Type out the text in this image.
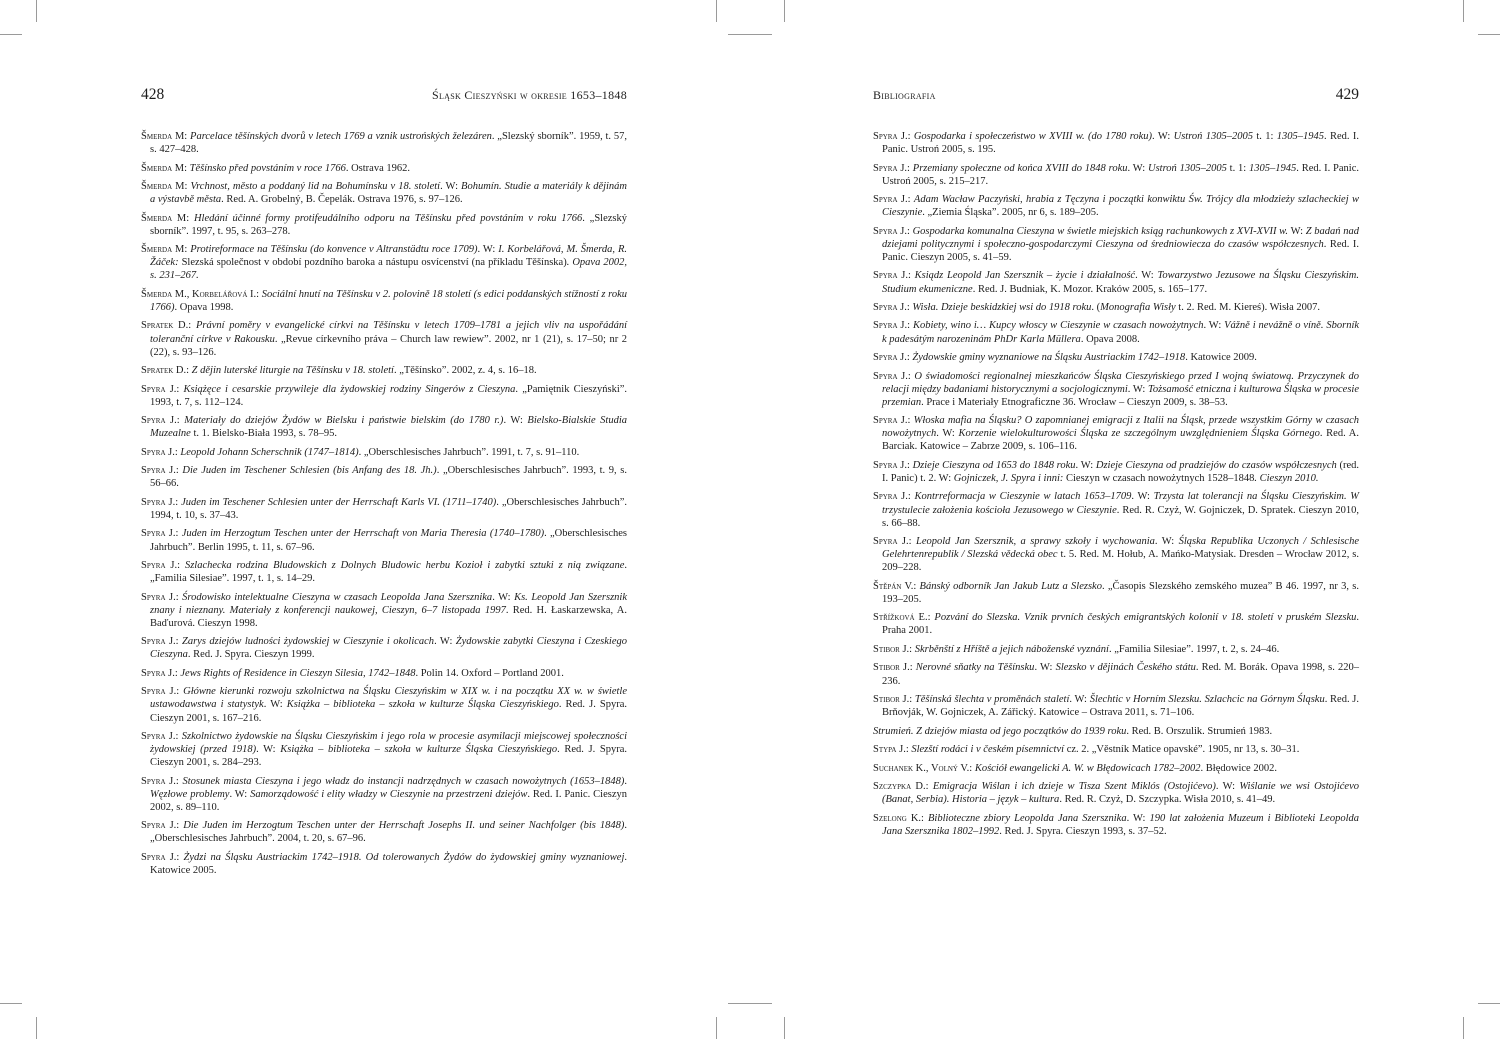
428	Śląsk Cieszyński w okresie 1653–1848

Šmerda M: Parcelace těšínských dvorů v letech 1769 a vznik ustrońských železáren. „Slezský sborník”. 1959, t. 57, s. 427–428.

Šmerda M: Těšínsko před povstáním v roce 1766. Ostrava 1962.

Šmerda M: Vrchnost, město a poddaný lid na Bohumínsku v 18. století. W: Bohumín. Studie a materiály k dějinám a výstavbě města. Red. A. Grobelný, B. Čepelák. Ostrava 1976, s. 97–126.

Šmerda M: Hledání účinné formy protifeudálního odporu na Těšínsku před povstáním v roku 1766. „Slezský sborník”. 1997, t. 95, s. 263–278.

Šmerda M: Protireformace na Těšínsku (do konvence v Altranstädtu roce 1709). W: I. Korbelářová, M. Šmerda, R. Žáček: Slezská společnost v období pozdního baroka a nástupu osvícenství (na příkladu Těšínska). Opava 2002, s. 231–267.

Šmerda M., Korbelářová I.: Sociální hnutí na Těšínsku v 2. polovině 18 století (s edici poddanských stížností z roku 1766). Opava 1998.

Spratek D.: Právní poměry v evangelické církvi na Těšínsku v letech 1709–1781 a jejich vliv na uspořádání toleranční církve v Rakousku. „Revue církevního práva – Church law rewiew”. 2002, nr 1 (21), s. 17–50; nr 2 (22), s. 93–126.

Spratek D.: Z dějin luterské liturgie na Těšínsku v 18. století. „Těšínsko”. 2002, z. 4, s. 16–18.

Spyra J.: Książęce i cesarskie przywileje dla żydowskiej rodziny Singerów z Cieszyna. „Pamiętnik Cieszyński”. 1993, t. 7, s. 112–124.

Spyra J.: Materiały do dziejów Żydów w Bielsku i państwie bielskim (do 1780 r.). W: Bielsko-Bialskie Studia Muzealne t. 1. Bielsko-Biała 1993, s. 78–95.

Spyra J.: Leopold Johann Scherschnik (1747–1814). „Oberschlesisches Jahrbuch”. 1991, t. 7, s. 91–110.

Spyra J.: Die Juden im Teschener Schlesien (bis Anfang des 18. Jh.). „Oberschlesisches Jahrbuch”. 1993, t. 9, s. 56–66.

Spyra J.: Juden im Teschener Schlesien unter der Herrschaft Karls VI. (1711–1740). „Oberschlesisches Jahrbuch”. 1994, t. 10, s. 37–43.

Spyra J.: Juden im Herzogtum Teschen unter der Herrschaft von Maria Theresia (1740–1780). „Oberschlesisches Jahrbuch”. Berlin 1995, t. 11, s. 67–96.

Spyra J.: Szlachecka rodzina Bludowskich z Dolnych Bludowic herbu Kozioł i zabytki sztuki z nią związane. „Familia Silesiae”. 1997, t. 1, s. 14–29.

Spyra J.: Środowisko intelektualne Cieszyna w czasach Leopolda Jana Szersznika. W: Ks. Leopold Jan Szersznik znany i nieznany. Materiały z konferencji naukowej, Cieszyn, 6–7 listopada 1997. Red. H. Łaskarzewska, A. Baďurová. Cieszyn 1998.

Spyra J.: Zarys dziejów ludności żydowskiej w Cieszynie i okolicach. W: Żydowskie zabytki Cieszyna i Czeskiego Cieszyna. Red. J. Spyra. Cieszyn 1999.

Spyra J.: Jews Rights of Residence in Cieszyn Silesia, 1742–1848. Polin 14. Oxford – Portland 2001.

Spyra J.: Główne kierunki rozwoju szkolnictwa na Śląsku Cieszyńskim w XIX w. i na początku XX w. w świetle ustawodawstwa i statystyk. W: Książka – biblioteka – szkoła w kulturze Śląska Cieszyńskiego. Red. J. Spyra. Cieszyn 2001, s. 167–216.

Spyra J.: Szkolnictwo żydowskie na Śląsku Cieszyńskim i jego rola w procesie asymilacji miejscowej społeczności żydowskiej (przed 1918). W: Książka – biblioteka – szkoła w kulturze Śląska Cieszyńskiego. Red. J. Spyra. Cieszyn 2001, s. 284–293.

Spyra J.: Stosunek miasta Cieszyna i jego władz do instancji nadrzędnych w czasach nowożytnych (1653–1848). Węzłowe problemy. W: Samorządowość i elity władzy w Cieszynie na przestrzeni dziejów. Red. I. Panic. Cieszyn 2002, s. 89–110.

Spyra J.: Die Juden im Herzogtum Teschen unter der Herrschaft Josephs II. und seiner Nachfolger (bis 1848). „Oberschlesisches Jahrbuch”. 2004, t. 20, s. 67–96.

Spyra J.: Żydzi na Śląsku Austriackim 1742–1918. Od tolerowanych Żydów do żydowskiej gminy wyznaniowej. Katowice 2005.

Bibliografia	429

Spyra J.: Gospodarka i społeczeństwo w XVIII w. (do 1780 roku). W: Ustroń 1305–2005 t. 1: 1305–1945. Red. I. Panic. Ustroń 2005, s. 195.

Spyra J.: Przemiany społeczne od końca XVIII do 1848 roku. W: Ustroń 1305–2005 t. 1: 1305–1945. Red. I. Panic. Ustroń 2005, s. 215–217.

Spyra J.: Adam Wacław Paczyński, hrabia z Tęczyna i początki konwiktu Św. Trójcy dla młodzieży szlacheckiej w Cieszynie. „Ziemia Śląska”. 2005, nr 6, s. 189–205.

Spyra J.: Gospodarka komunalna Cieszyna w świetle miejskich ksiąg rachunkowych z XVI-XVII w. W: Z badań nad dziejami politycznymi i społeczno-gospodarczymi Cieszyna od średniowiecza do czasów współczesnych. Red. I. Panic. Cieszyn 2005, s. 41–59.

Spyra J.: Ksiądz Leopold Jan Szersznik – życie i działalność. W: Towarzystwo Jezusowe na Śląsku Cieszyńskim. Studium ekumeniczne. Red. J. Budniak, K. Mozor. Kraków 2005, s. 165–177.

Spyra J.: Wisła. Dzieje beskidzkiej wsi do 1918 roku. (Monografia Wisły t. 2. Red. M. Kiereś). Wisła 2007.

Spyra J.: Kobiety, wino i… Kupcy włoscy w Cieszynie w czasach nowożytnych. W: Vážně i nevážně o víně. Sborník k padesátým narozeninám PhDr Karla Müllera. Opava 2008.

Spyra J.: Żydowskie gminy wyznaniowe na Śląsku Austriackim 1742–1918. Katowice 2009.

Spyra J.: O świadomości regionalnej mieszkańców Śląska Cieszyńskiego przed I wojną światową. Przyczynek do relacji między badaniami historycznymi a socjologicznymi. W: Tożsamość etniczna i kulturowa Śląska w procesie przemian. Prace i Materiały Etnograficzne 36. Wrocław – Cieszyn 2009, s. 38–53.

Spyra J.: Włoska mafia na Śląsku? O zapomnianej emigracji z Italii na Śląsk, przede wszystkim Górny w czasach nowożytnych. W: Korzenie wielokulturowości Śląska ze szczególnym uwzględnieniem Śląska Górnego. Red. A. Barciak. Katowice – Zabrze 2009, s. 106–116.

Spyra J.: Dzieje Cieszyna od 1653 do 1848 roku. W: Dzieje Cieszyna od pradziejów do czasów współczesnych (red. I. Panic) t. 2. W: Gojniczek, J. Spyra i inni: Cieszyn w czasach nowożytnych 1528–1848. Cieszyn 2010.

Spyra J.: Kontrreformacja w Cieszynie w latach 1653–1709. W: Trzysta lat tolerancji na Śląsku Cieszyńskim. W trzystulecie założenia kościoła Jezusowego w Cieszynie. Red. R. Czyż, W. Gojniczek, D. Spratek. Cieszyn 2010, s. 66–88.

Spyra J.: Leopold Jan Szersznik, a sprawy szkoły i wychowania. W: Śląska Republika Uczonych / Schlesische Gelehrtenrepublik / Slezská vědecká obec t. 5. Red. M. Hołub, A. Mańko-Matysiak. Dresden – Wrocław 2012, s. 209–228.

Štěpán V.: Bánský odborník Jan Jakub Lutz a Slezsko. „Časopis Slezského zemského muzea” B 46. 1997, nr 3, s. 193–205.

Střížková E.: Pozvání do Slezska. Vznik prvních českých emigrantských kolonií v 18. století v pruském Slezsku. Praha 2001.

Stibor J.: Skrběnští z Hříště a jejich náboženské vyznání. „Familia Silesiae”. 1997, t. 2, s. 24–46.

Stibor J.: Nerovné sňatky na Těšínsku. W: Slezsko v dějinách Českého státu. Red. M. Borák. Opava 1998, s. 220–236.

Stibor J.: Těšínská šlechta v proměnách staletí. W: Šlechtic v Horním Slezsku. Szlachcic na Górnym Śląsku. Red. J. Brňovják, W. Gojniczek, A. Zářický. Katowice – Ostrava 2011, s. 71–106.

Strumień. Z dziejów miasta od jego początków do 1939 roku. Red. B. Orszulik. Strumień 1983.

Stypa J.: Slezští rodáci i v českém písemnictví cz. 2. „Věstník Matice opavské”. 1905, nr 13, s. 30–31.

Suchanek K., Volný V.: Kościół ewangelicki A. W. w Błędowicach 1782–2002. Błędowice 2002.

Szczypka D.: Emigracja Wiślan i ich dzieje w Tisza Szent Miklós (Ostojićevo). W: Wiślanie we wsi Ostojićevo (Banat, Serbia). Historia – język – kultura. Red. R. Czyż, D. Szczypka. Wisła 2010, s. 41–49.

Szelong K.: Biblioteczne zbiory Leopolda Jana Szersznika. W: 190 lat założenia Muzeum i Biblioteki Leopolda Jana Szersznika 1802–1992. Red. J. Spyra. Cieszyn 1993, s. 37–52.
